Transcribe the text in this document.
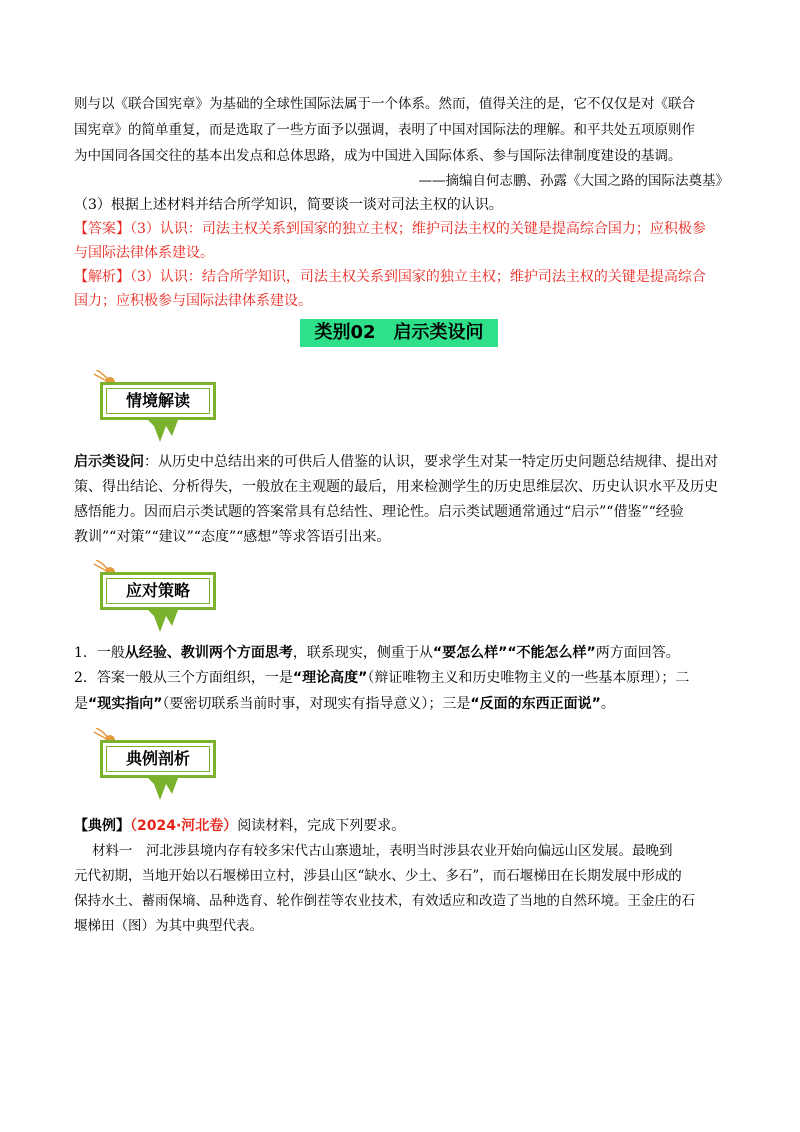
则与以《联合国宪章》为基础的全球性国际法属于一个体系。然而，值得关注的是，它不仅仅是对《联合
国宪章》的简单重复，而是选取了一些方面予以强调，表明了中国对国际法的理解。和平共处五项原则作
为中国同各国交往的基本出发点和总体思路，成为中国进入国际体系、参与国际法律制度建设的基调。
——摘编自何志鹏、孙露《大国之路的国际法奠基》
（3）根据上述材料并结合所学知识，简要谈一谈对司法主权的认识。
【答案】（3）认识：司法主权关系到国家的独立主权；维护司法主权的关键是提高综合国力；应积极参
与国际法律体系建设。
【解析】（3）认识：结合所学知识，司法主权关系到国家的独立主权；维护司法主权的关键是提高综合
国力；应积极参与国际法律体系建设。
类别02　启示类设问
情境解读
启示类设问：从历史中总结出来的可供后人借鉴的认识，要求学生对某一特定历史问题总结规律、提出对
策、得出结论、分析得失，一般放在主观题的最后，用来检测学生的历史思维层次、历史认识水平及历史
感悟能力。因而启示类试题的答案常具有总结性、理论性。启示类试题通常通过“启示”“借鉴”“经验
教训”“对策”“建议”“态度”“感想”等求答语引出来。
应对策略
1．一般从经验、教训两个方面思考，联系现实，侧重于从“要怎么样”“不能怎么样”两方面回答。
2．答案一般从三个方面组织，一是“理论高度”（辩证唯物主义和历史唯物主义的一些基本原理）；二
是“现实指向”（要密切联系当前时事，对现实有指导意义）；三是“反面的东西正面说”。
典例剖析
【典例】（2024·河北卷）阅读材料，完成下列要求。
材料一　河北涉县境内存有较多宋代古山寨遗址，表明当时涉县农业开始向偏远山区发展。最晚到
元代初期，当地开始以石堰梯田立村，涉县山区“缺水、少土、多石”，而石堰梯田在长期发展中形成的
保持水土、蓄雨保墒、品种选育、轮作倒茬等农业技术，有效适应和改造了当地的自然环境。王金庄的石
堰梯田（图）为其中典型代表。
